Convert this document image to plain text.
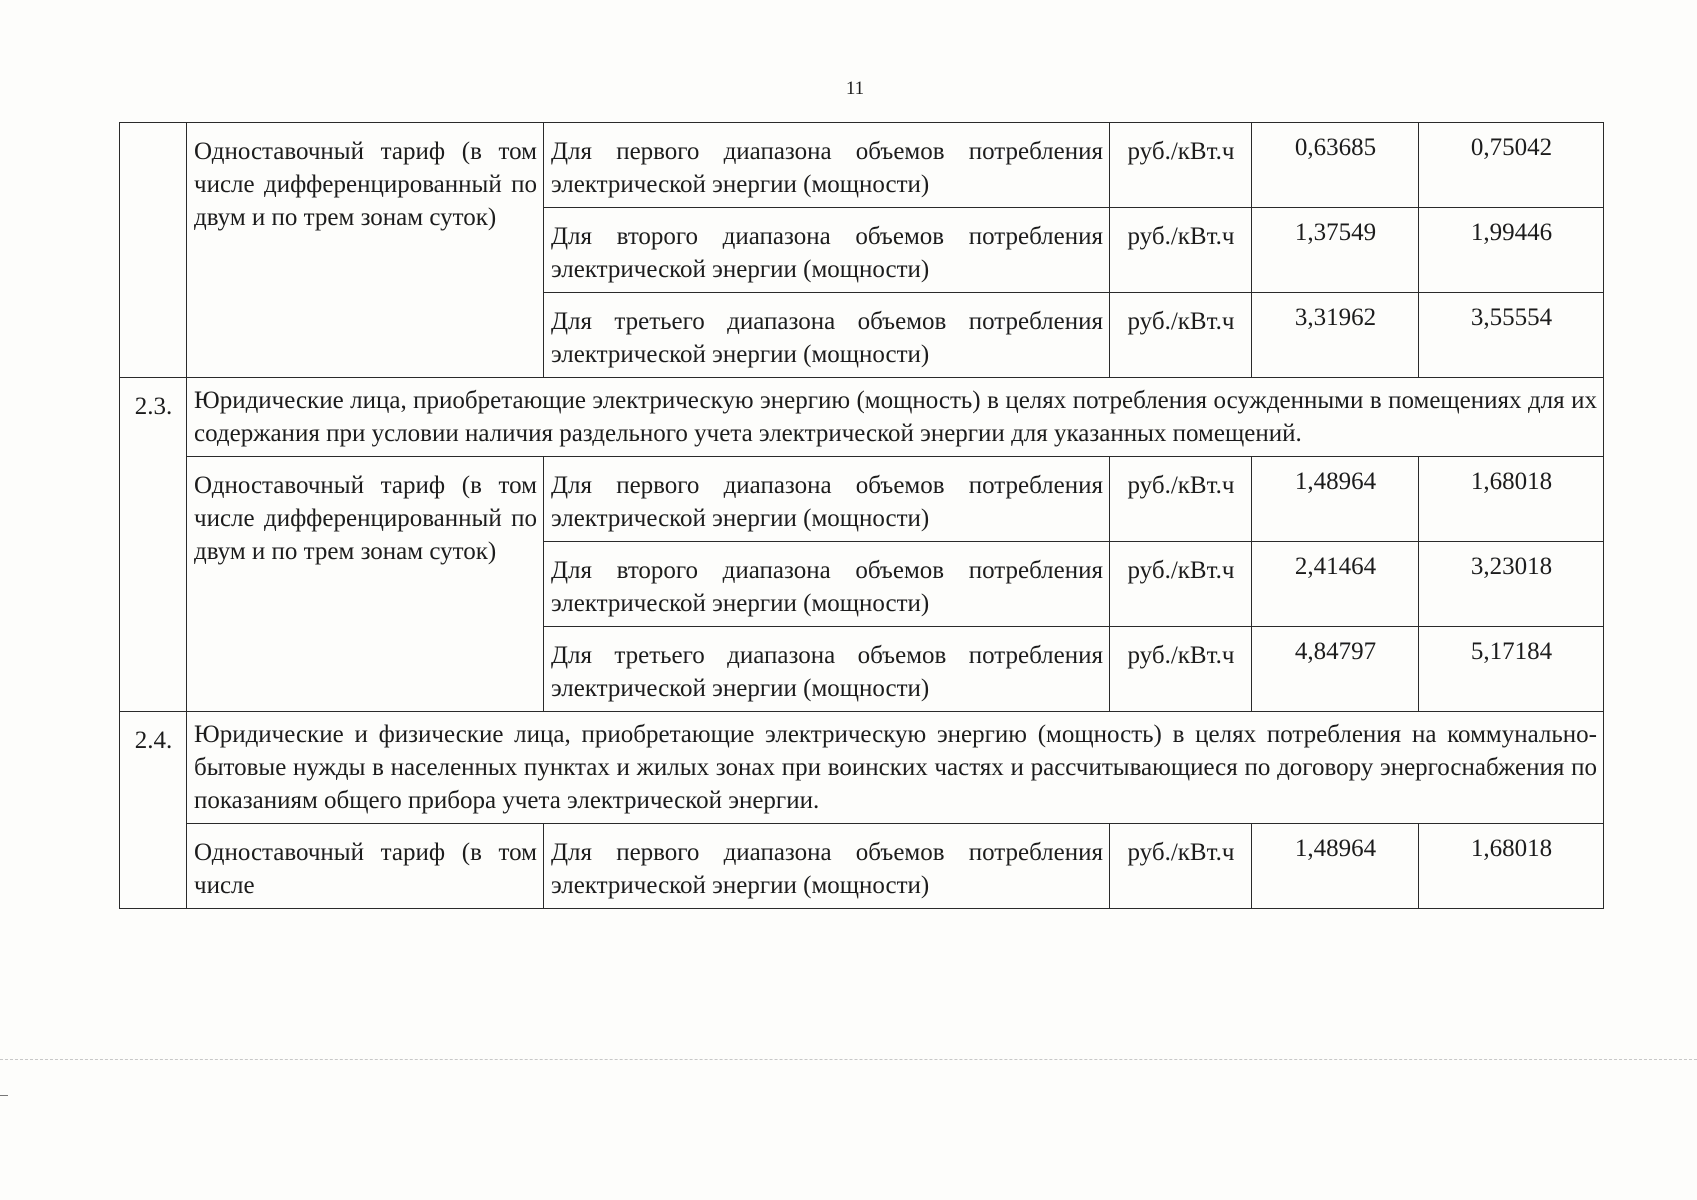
11
	Одноставочный тариф (в том числе дифференцированный по двум и по трем зонам суток)	Для первого диапазона объемов потребления электрической энергии (мощности)	руб./кВт.ч	0,63685	0,75042
		Для второго диапазона объемов потребления электрической энергии (мощности)	руб./кВт.ч	1,37549	1,99446
		Для третьего диапазона объемов потребления электрической энергии (мощности)	руб./кВт.ч	3,31962	3,55554
2.3.	Юридические лица, приобретающие электрическую энергию (мощность) в целях потребления осужденными в помещениях для их содержания при условии наличия раздельного учета электрической энергии для указанных помещений.				
	Одноставочный тариф (в том числе дифференцированный по двум и по трем зонам суток)	Для первого диапазона объемов потребления электрической энергии (мощности)	руб./кВт.ч	1,48964	1,68018
		Для второго диапазона объемов потребления электрической энергии (мощности)	руб./кВт.ч	2,41464	3,23018
		Для третьего диапазона объемов потребления электрической энергии (мощности)	руб./кВт.ч	4,84797	5,17184
2.4.	Юридические и физические лица, приобретающие электрическую энергию (мощность) в целях потребления на коммунально-бытовые нужды в населенных пунктах и жилых зонах при воинских частях и рассчитывающиеся по договору энергоснабжения по показаниям общего прибора учета электрической энергии.				
	Одноставочный тариф (в том числе	Для первого диапазона объемов потребления электрической энергии (мощности)	руб./кВт.ч	1,48964	1,68018
